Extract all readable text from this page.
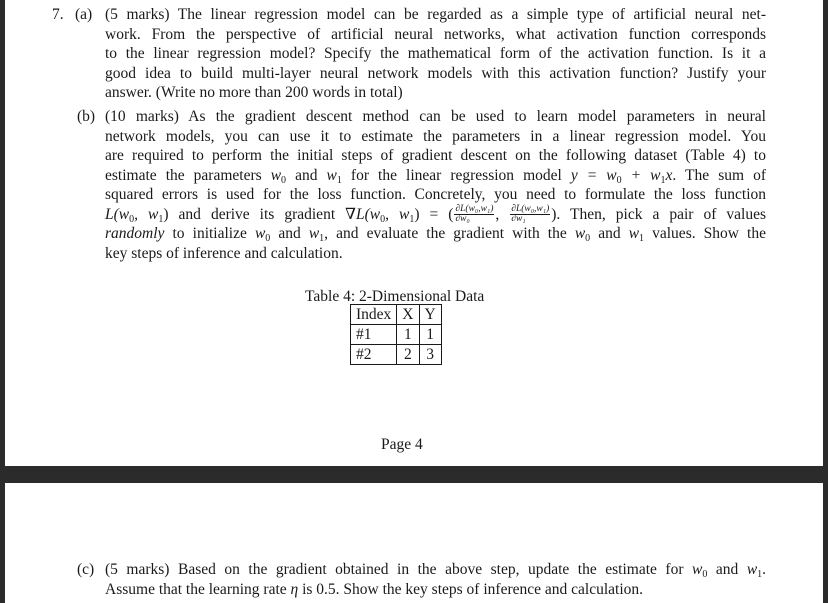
7. (a) (5 marks) The linear regression model can be regarded as a simple type of artificial neural net-
work. From the perspective of artificial neural networks, what activation function corresponds
to the linear regression model? Specify the mathematical form of the activation function. Is it a
good idea to build multi-layer neural network models with this activation function? Justify your
answer. (Write no more than 200 words in total)
(b) (10 marks) As the gradient descent method can be used to learn model parameters in neural
network models, you can use it to estimate the parameters in a linear regression model. You
are required to perform the initial steps of gradient descent on the following dataset (Table 4) to
estimate the parameters $w_0$ and $w_1$ for the linear regression model $y = w_0 + w_1x$. The sum of
squared errors is used for the loss function. Concretely, you need to formulate the loss function
$L(w_0$, $w_1$) and derive its gradient $\nabla L(w_0$, $w_1$) = ( $\frac{\text{∂L(w₀,w₁)}}{\text{∂w₀}}$ , $\frac{\text{∂L(w₀,w₁)}}{\text{∂w₁}}$ ). Then, pick a pair of values
randomly to initialize $w_0$ and $w_1$, and evaluate the gradient with the $w_0$ and $w_1$ values. Show the
key steps of inference and calculation.
Table 4: 2-Dimensional Data
Index	X	Y
#1	1	1
#2	2	3
Page 4
(c) (5 marks) Based on the gradient obtained in the above step, update the estimate for $w_0$ and $w_1$.
Assume that the learning rate η is 0.5. Show the key steps of inference and calculation.
